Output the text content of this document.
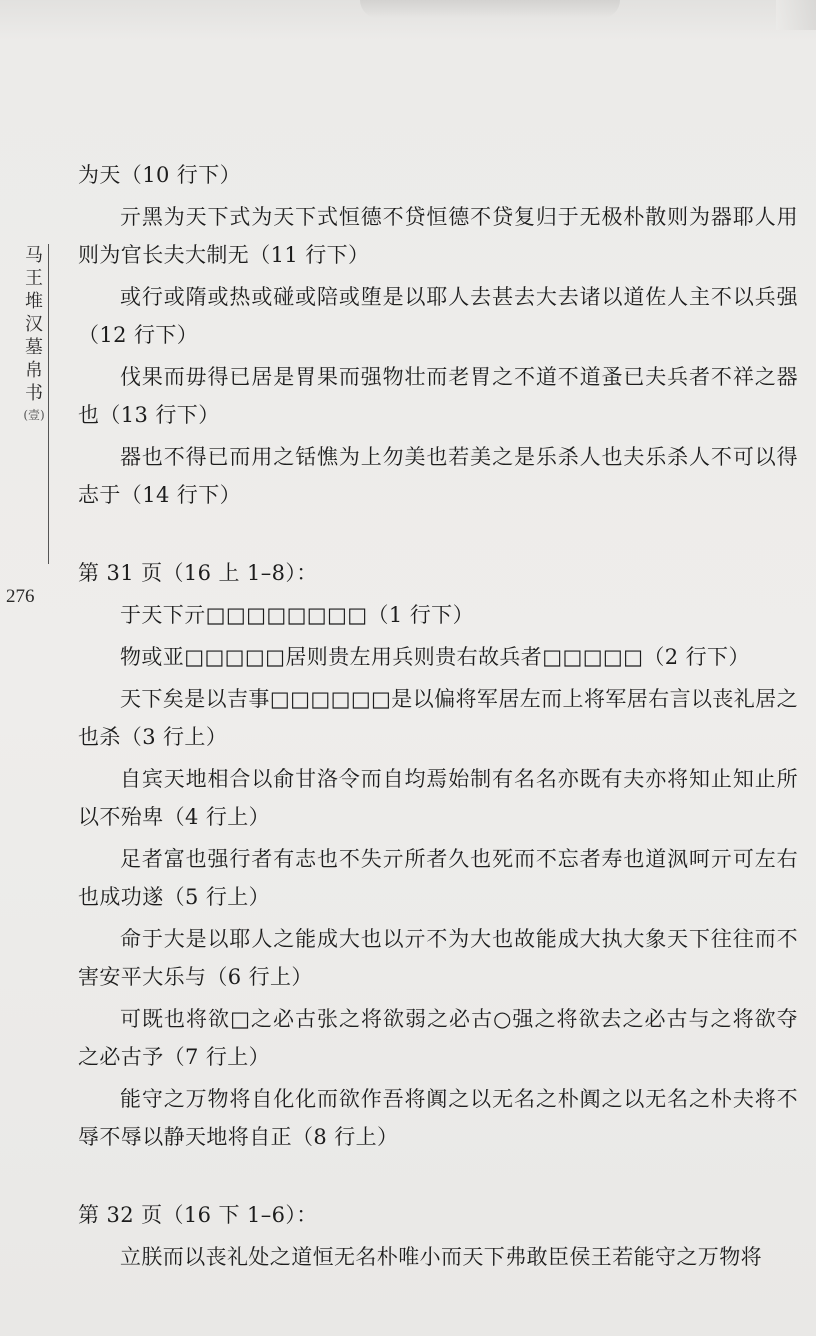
马
王
堆
汉
墓
帛
书
(壹)
276

为天（10 行下）

亓黑为天下式为天下式恒德不贷恒德不贷复归于无极朴散则为器耶人用则为官长夫大制无（11 行下）

或行或隋或热或碰或陪或堕是以耶人去甚去大去诸以道佐人主不以兵强（12 行下）

伐果而毋得已居是胃果而强物壮而老胃之不道不道蚤已夫兵者不祥之器也（13 行下）

器也不得已而用之铦憔为上勿美也若美之是乐杀人也夫乐杀人不可以得志于（14 行下）

第 31 页（16 上 1–8）：

于天下亓□□□□□□□□（1 行下）

物或亚□□□□□居则贵左用兵则贵右故兵者□□□□□（2 行下）

天下矣是以吉事□□□□□□是以偏将军居左而上将军居右言以丧礼居之也杀（3 行上）

自宾天地相合以俞甘洛令而自均焉始制有名名亦既有夫亦将知止知止所以不殆卑（4 行上）

足者富也强行者有志也不失亓所者久也死而不忘者寿也道沨呵亓可左右也成功遂（5 行上）

命于大是以耶人之能成大也以亓不为大也故能成大执大象天下往往而不害安平大乐与（6 行上）

可既也将欲□之必古张之将欲弱之必古○强之将欲去之必古与之将欲夺之必古予（7 行上）

能守之万物将自化化而欲作吾将阗之以无名之朴阗之以无名之朴夫将不辱不辱以静天地将自正（8 行上）

第 32 页（16 下 1–6）：

立朕而以丧礼处之道恒无名朴唯小而天下弗敢臣侯王若能守之万物将
